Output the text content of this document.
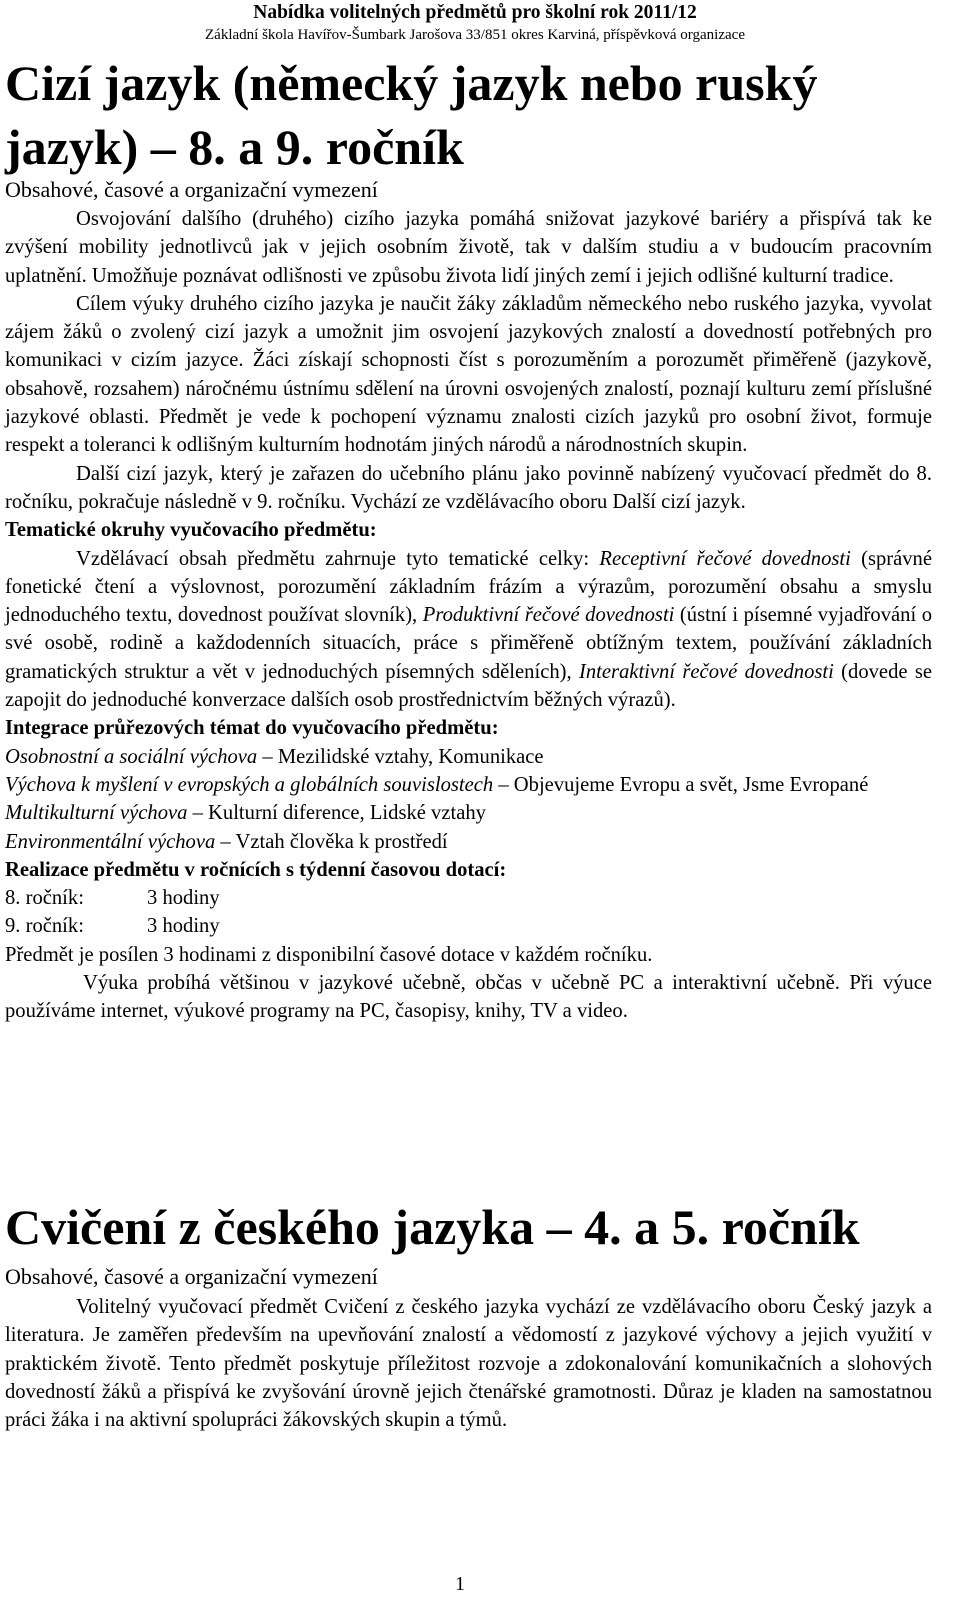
Nabídka volitelných předmětů pro školní rok 2011/12
Základní škola Havířov-Šumbark Jarošova 33/851 okres Karviná, příspěvková organizace
Cizí jazyk (německý jazyk nebo ruský
jazyk) – 8. a 9. ročník
Obsahové, časové a organizační vymezení

Osvojování dalšího (druhého) cizího jazyka pomáhá snižovat jazykové bariéry a přispívá tak ke zvýšení mobility jednotlivců jak v jejich osobním životě, tak v dalším studiu a v budoucím pracovním uplatnění. Umožňuje poznávat odlišnosti ve způsobu života lidí jiných zemí i jejich odlišné kulturní tradice.

Cílem výuky druhého cizího jazyka je naučit žáky základům německého nebo ruského jazyka, vyvolat zájem žáků o zvolený cizí jazyk a umožnit jim osvojení jazykových znalostí a dovedností potřebných pro komunikaci v cizím jazyce. Žáci získají schopnosti číst s porozuměním a porozumět přiměřeně (jazykově, obsahově, rozsahem) náročnému ústnímu sdělení na úrovni osvojených znalostí, poznají kulturu zemí příslušné jazykové oblasti. Předmět je vede k pochopení významu znalosti cizích jazyků pro osobní život, formuje respekt a toleranci k odlišným kulturním hodnotám jiných národů a národnostních skupin.

Další cizí jazyk, který je zařazen do učebního plánu jako povinně nabízený vyučovací předmět do 8. ročníku, pokračuje následně v 9. ročníku. Vychází ze vzdělávacího oboru Další cizí jazyk.

Tematické okruhy vyučovacího předmětu:

Vzdělávací obsah předmětu zahrnuje tyto tematické celky: Receptivní řečové dovednosti (správné fonetické čtení a výslovnost, porozumění základním frázím a výrazům, porozumění obsahu a smyslu jednoduchého textu, dovednost používat slovník), Produktivní řečové dovednosti (ústní i písemné vyjadřování o své osobě, rodině a každodenních situacích, práce s přiměřeně obtížným textem, používání základních gramatických struktur a vět v jednoduchých písemných sděleních), Interaktivní řečové dovednosti (dovede se zapojit do jednoduché konverzace dalších osob prostřednictvím běžných výrazů).

Integrace průřezových témat do vyučovacího předmětu:

Osobnostní a sociální výchova – Mezilidské vztahy, Komunikace

Výchova k myšlení v evropských a globálních souvislostech – Objevujeme Evropu a svět, Jsme Evropané

Multikulturní výchova – Kulturní diference, Lidské vztahy

Environmentální výchova – Vztah člověka k prostředí

Realizace předmětu v ročnících s týdenní časovou dotací:

8. ročník:	3 hodiny

9. ročník:	3 hodiny

Předmět je posílen 3 hodinami z disponibilní časové dotace v každém ročníku.

Výuka probíhá většinou v jazykové učebně, občas v učebně PC a interaktivní učebně. Při výuce používáme internet, výukové programy na PC, časopisy, knihy, TV a video.

Cvičení z českého jazyka – 4. a 5. ročník
Obsahové, časové a organizační vymezení

Volitelný vyučovací předmět Cvičení z českého jazyka vychází ze vzdělávacího oboru Český jazyk a literatura. Je zaměřen především na upevňování znalostí a vědomostí z jazykové výchovy a jejich využití v praktickém životě. Tento předmět poskytuje příležitost rozvoje a zdokonalování komunikačních a slohových dovedností žáků a přispívá ke zvyšování úrovně jejich čtenářské gramotnosti. Důraz je kladen na samostatnou práci žáka i na aktivní spolupráci žákovských skupin a týmů.

1
